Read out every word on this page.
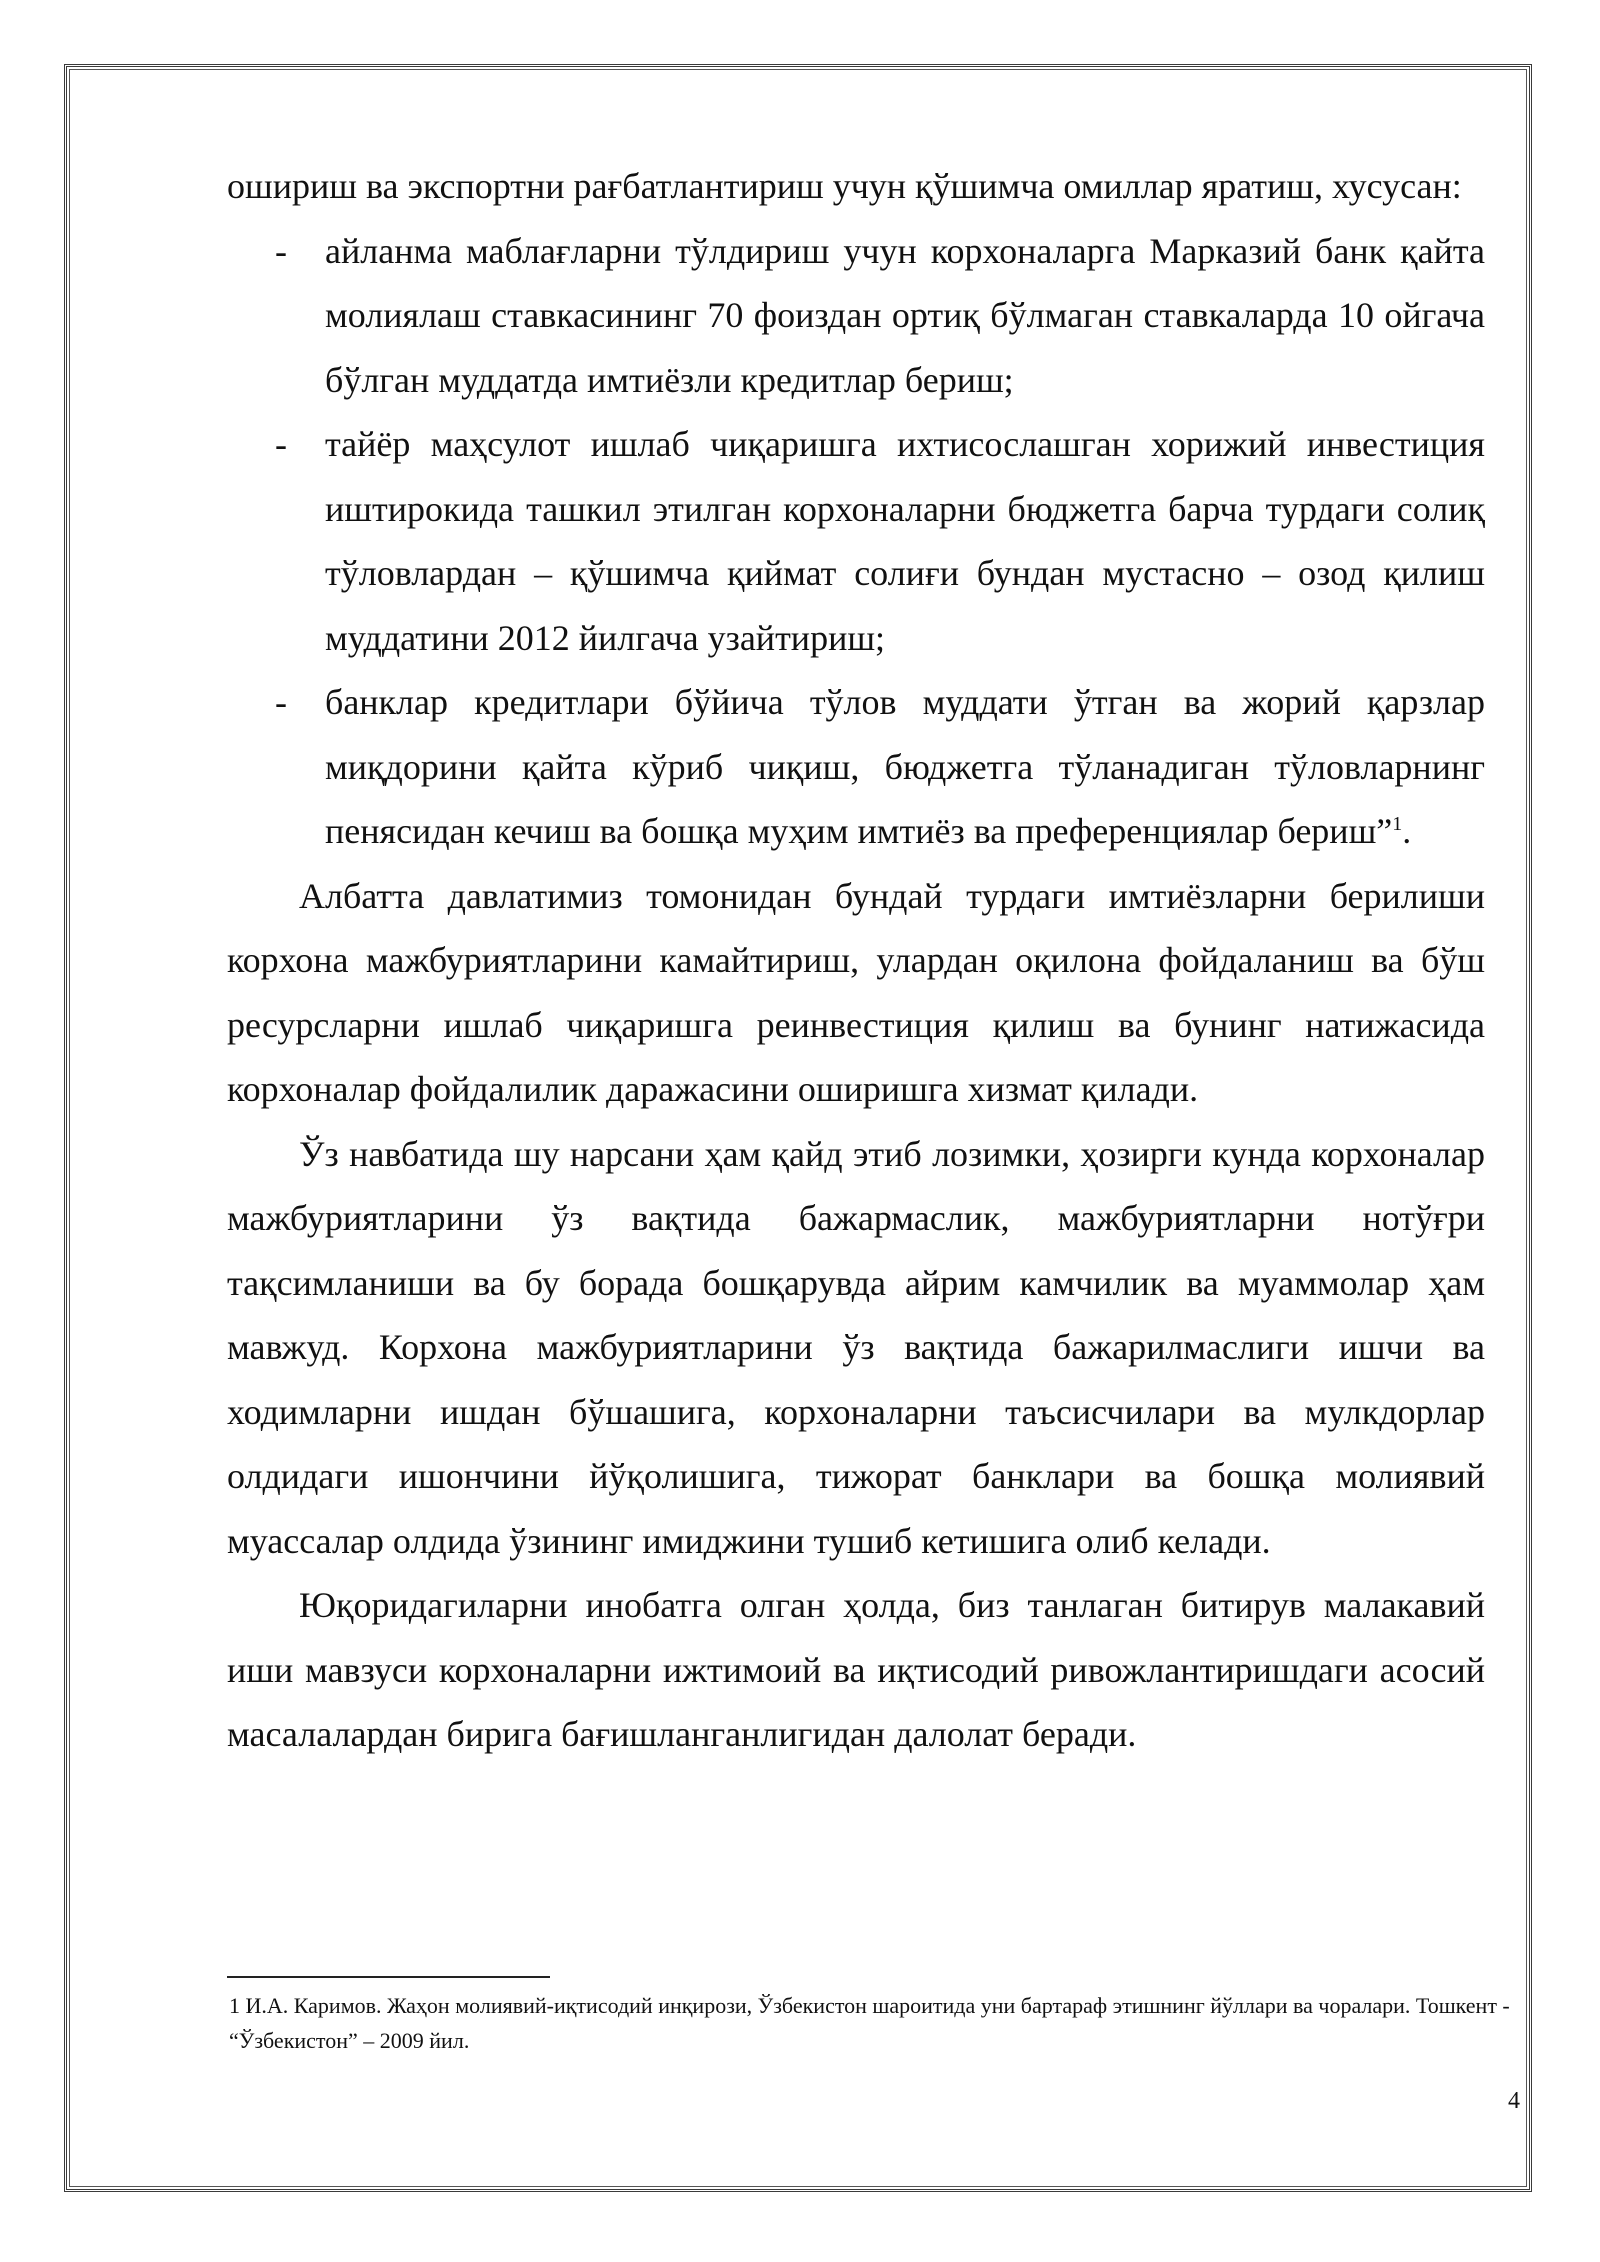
ошириш ва экспортни рағбатлантириш учун қўшимча омиллар яратиш, хусусан:

- айланма маблағларни тўлдириш учун корхоналарга Марказий банк қайта молиялаш ставкасининг 70 фоиздан ортиқ бўлмаган ставкаларда 10 ойгача бўлган муддатда имтиёзли кредитлар бериш;
- тайёр маҳсулот ишлаб чиқаришга ихтисослашган хорижий инвестиция иштирокида ташкил этилган корхоналарни бюджетга барча турдаги солиқ тўловлардан – қўшимча қиймат солиғи бундан мустасно – озод қилиш муддатини 2012 йилгача узайтириш;
- банклар кредитлари бўйича тўлов муддати ўтган ва жорий қарзлар миқдорини қайта кўриб чиқиш, бюджетга тўланадиган тўловларнинг пенясидан кечиш ва бошқа муҳим имтиёз ва преференциялар бериш”$^1$.

Албатта давлатимиз томонидан бундай турдаги имтиёзларни берилиши корхона мажбуриятларини камайтириш, улардан оқилона фойдаланиш ва бўш ресурсларни ишлаб чиқаришга реинвестиция қилиш ва бунинг натижасида корхоналар фойдалилик даражасини оширишга хизмат қилади.

Ўз навбатида шу нарсани ҳам қайд этиб лозимки, ҳозирги кунда корхоналар мажбуриятларини ўз вақтида бажармаслик, мажбуриятларни нотўғри тақсимланиши ва бу борада бошқарувда айрим камчилик ва муаммолар ҳам мавжуд. Корхона мажбуриятларини ўз вақтида бажарилмаслиги ишчи ва ходимларни ишдан бўшашига, корхоналарни таъсисчилари ва мулкдорлар олдидаги ишончини йўқолишига, тижорат банклари ва бошқа молиявий муассалар олдида ўзининг имиджини тушиб кетишига олиб келади.

Юқоридагиларни инобатга олган ҳолда, биз танлаган битирув малакавий иши мавзуси корхоналарни ижтимоий ва иқтисодий ривожлантиришдаги асосий масалалардан бирига бағишланганлигидан далолат беради.

1 И.А. Каримов. Жаҳон молиявий-иқтисодий инқирози, Ўзбекистон шароитида уни бартараф этишнинг йўллари ва чоралари. Тошкент - “Ўзбекистон” – 2009 йил.
4
